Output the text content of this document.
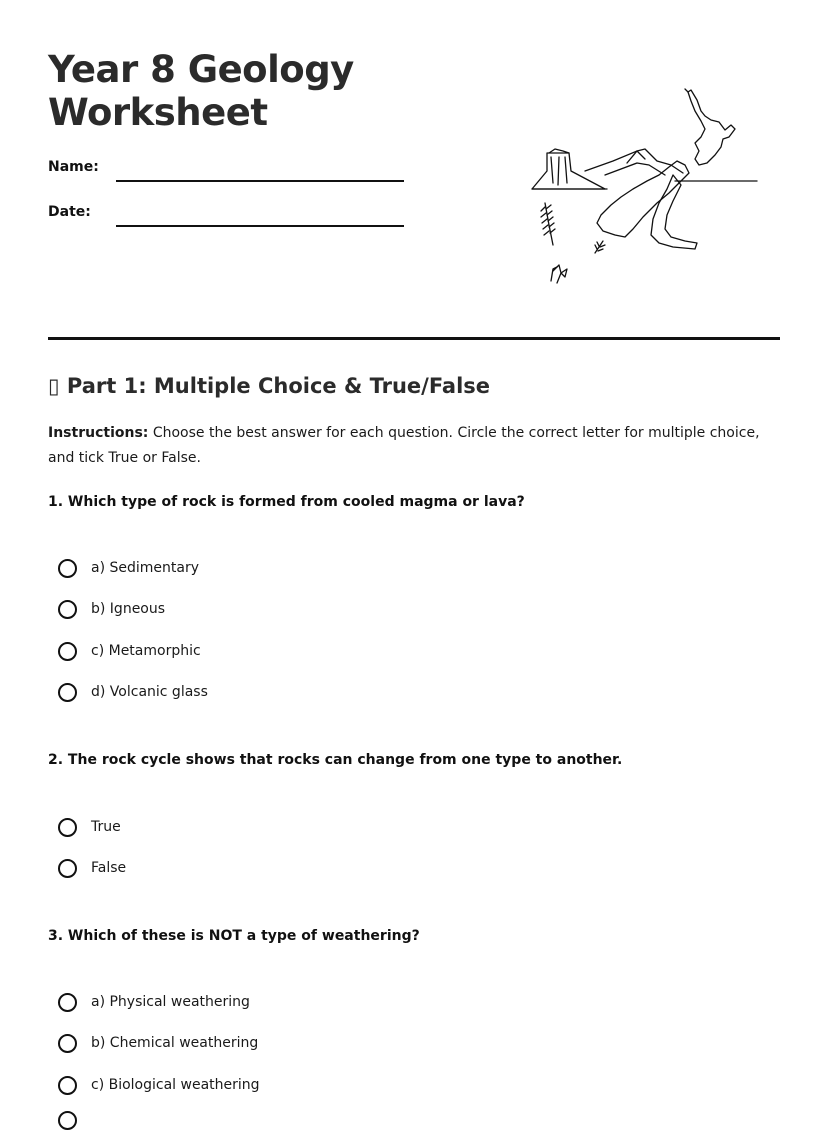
Year 8 Geology
Worksheet
Name:
Date:
▯ Part 1: Multiple Choice & True/False
Instructions: Choose the best answer for each question. Circle the correct letter for multiple choice, and tick True or False.
1. Which type of rock is formed from cooled magma or lava?
a) Sedimentary
b) Igneous
c) Metamorphic
d) Volcanic glass
2. The rock cycle shows that rocks can change from one type to another.
True
False
3. Which of these is NOT a type of weathering?
a) Physical weathering
b) Chemical weathering
c) Biological weathering
